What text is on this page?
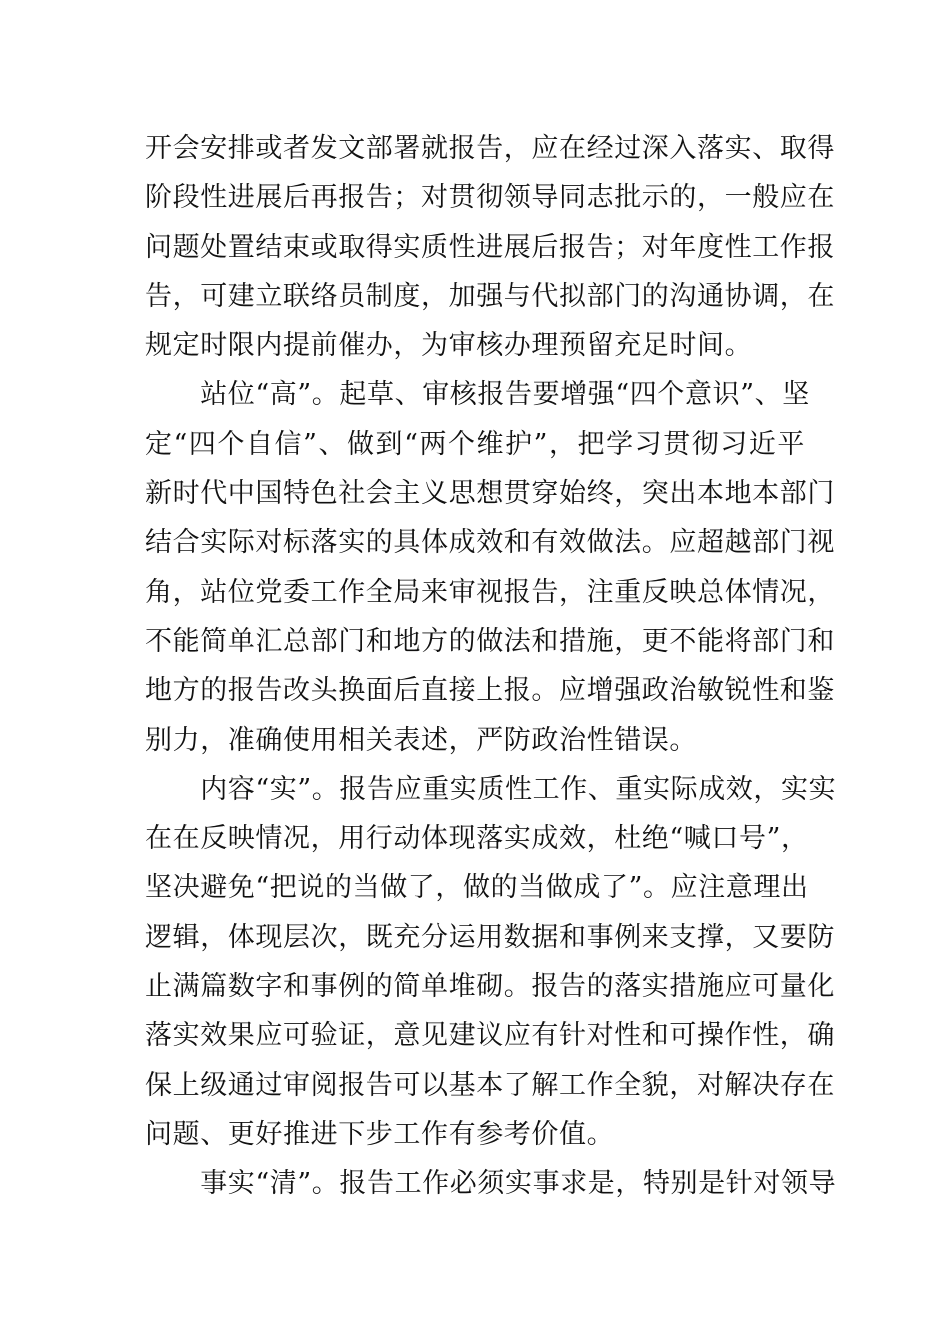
开会安排或者发文部署就报告，应在经过深入落实、取得
阶段性进展后再报告；对贯彻领导同志批示的，一般应在
问题处置结束或取得实质性进展后报告；对年度性工作报
告，可建立联络员制度，加强与代拟部门的沟通协调，在
规定时限内提前催办，为审核办理预留充足时间。
　　站位“高”。起草、审核报告要增强“四个意识”、坚
定“四个自信”、做到“两个维护”，把学习贯彻习近平
新时代中国特色社会主义思想贯穿始终，突出本地本部门
结合实际对标落实的具体成效和有效做法。应超越部门视
角，站位党委工作全局来审视报告，注重反映总体情况，
不能简单汇总部门和地方的做法和措施，更不能将部门和
地方的报告改头换面后直接上报。应增强政治敏锐性和鉴
别力，准确使用相关表述，严防政治性错误。
　　内容“实”。报告应重实质性工作、重实际成效，实实
在在反映情况，用行动体现落实成效，杜绝“喊口号”，
坚决避免“把说的当做了，做的当做成了”。应注意理出
逻辑，体现层次，既充分运用数据和事例来支撑，又要防
止满篇数字和事例的简单堆砌。报告的落实措施应可量化
落实效果应可验证，意见建议应有针对性和可操作性，确
保上级通过审阅报告可以基本了解工作全貌，对解决存在
问题、更好推进下步工作有参考价值。
　　事实“清”。报告工作必须实事求是，特别是针对领导
